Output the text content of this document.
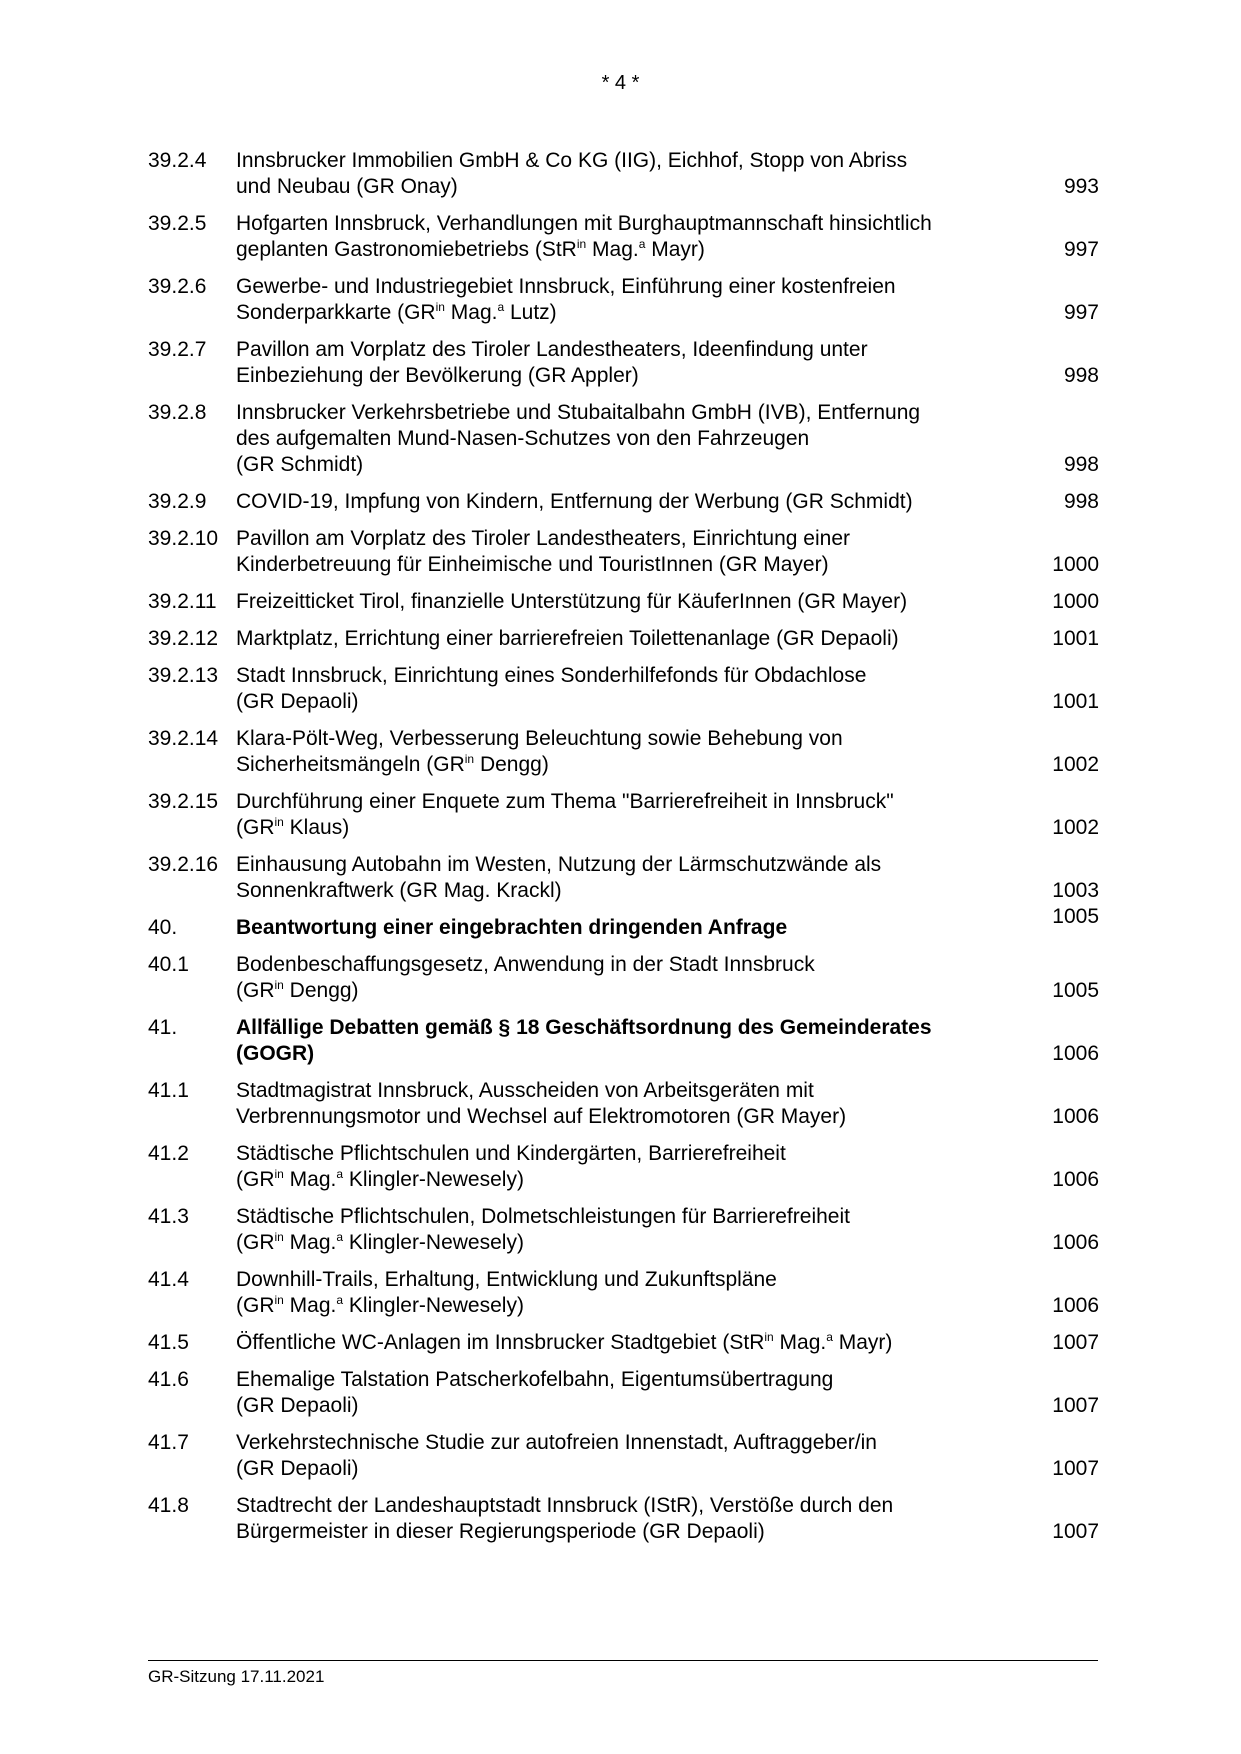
* 4 *
39.2.4	Innsbrucker Immobilien GmbH & Co KG (IIG), Eichhof, Stopp von Abriss
und Neubau (GR Onay)	993
39.2.5	Hofgarten Innsbruck, Verhandlungen mit Burghauptmannschaft hinsichtlich
geplanten Gastronomiebetriebs (StR$^{in}$ Mag.$^a$ Mayr)	997
39.2.6	Gewerbe- und Industriegebiet Innsbruck, Einführung einer kostenfreien
Sonderparkkarte ($GR^{in}$ Mag.$^a$ Lutz)	997
39.2.7	Pavillon am Vorplatz des Tiroler Landestheaters, Ideenfindung unter
Einbeziehung der Bevölkerung (GR Appler)	998
39.2.8	Innsbrucker Verkehrsbetriebe und Stubaitalbahn GmbH (IVB), Entfernung
des aufgemalten Mund-Nasen-Schutzes von den Fahrzeugen
(GR Schmidt)	998
39.2.9	COVID-19, Impfung von Kindern, Entfernung der Werbung (GR Schmidt)	998
39.2.10 Pavillon am Vorplatz des Tiroler Landestheaters, Einrichtung einer
Kinderbetreuung für Einheimische und TouristInnen (GR Mayer)	1000
39.2.11 Freizeitticket Tirol, finanzielle Unterstützung für KäuferInnen (GR Mayer)	1000
39.2.12 Marktplatz, Errichtung einer barrierefreien Toilettenanlage (GR Depaoli)	1001
39.2.13 Stadt Innsbruck, Einrichtung eines Sonderhilfefonds für Obdachlose
(GR Depaoli)	1001
39.2.14 Klara-Pölt-Weg, Verbesserung Beleuchtung sowie Behebung von
Sicherheitsmängeln ($GR^{in}$ Dengg)	1002
39.2.15 Durchführung einer Enquete zum Thema "Barrierefreiheit in Innsbruck"
($GR^{in}$ Klaus)	1002
39.2.16 Einhausung Autobahn im Westen, Nutzung der Lärmschutzwände als
Sonnenkraftwerk (GR Mag. Krackl)	1003
40.	Beantwortung einer eingebrachten dringenden Anfrage	1005
40.1	Bodenbeschaffungsgesetz, Anwendung in der Stadt Innsbruck
($GR^{in}$ Dengg)	1005
41.	Allfällige Debatten gemäß § 18 Geschäftsordnung des Gemeinderates
(GOGR)	1006
41.1	Stadtmagistrat Innsbruck, Ausscheiden von Arbeitsgeräten mit
Verbrennungsmotor und Wechsel auf Elektromotoren (GR Mayer)	1006
41.2	Städtische Pflichtschulen und Kindergärten, Barrierefreiheit
($GR^{in}$ Mag.$^a$ Klingler-Newesely)	1006
41.3	Städtische Pflichtschulen, Dolmetschleistungen für Barrierefreiheit
($GR^{in}$ Mag.$^a$ Klingler-Newesely)	1006
41.4	Downhill-Trails, Erhaltung, Entwicklung und Zukunftspläne
($GR^{in}$ Mag.$^a$ Klingler-Newesely)	1006
41.5	Öffentliche WC-Anlagen im Innsbrucker Stadtgebiet (StR$^{in}$ Mag.$^a$ Mayr)	1007
41.6	Ehemalige Talstation Patscherkofelbahn, Eigentumsübertragung
(GR Depaoli)	1007
41.7	Verkehrstechnische Studie zur autofreien Innenstadt, Auftraggeber/in
(GR Depaoli)	1007
41.8	Stadtrecht der Landeshauptstadt Innsbruck (IStR), Verstöße durch den
Bürgermeister in dieser Regierungsperiode (GR Depaoli)	1007
GR-Sitzung 17.11.2021
